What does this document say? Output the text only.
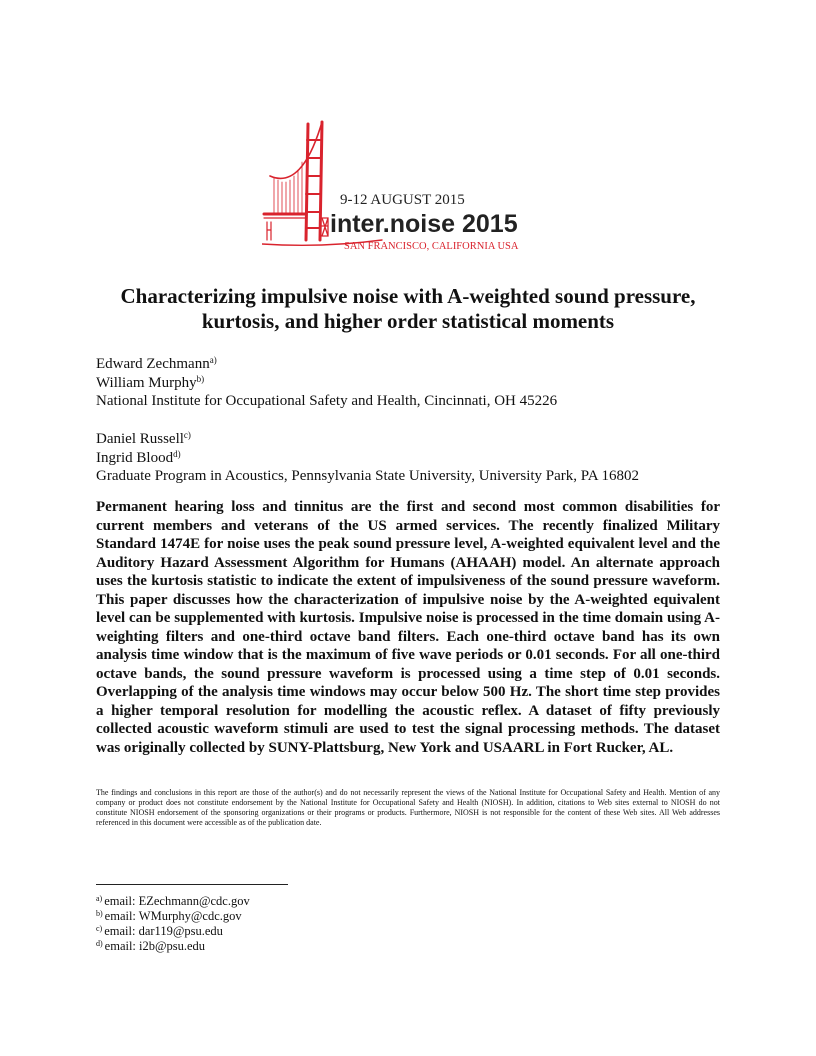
9-12 AUGUST 2015
inter.noise 2015
SAN FRANCISCO, CALIFORNIA USA
Characterizing impulsive noise with A-weighted sound pressure, kurtosis, and higher order statistical moments
Edward Zechmann$^{a)}$
William Murphy$^{b)}$
National Institute for Occupational Safety and Health, Cincinnati, OH 45226
Daniel Russell$^{c)}$
Ingrid Blood$^{d)}$
Graduate Program in Acoustics, Pennsylvania State University, University Park, PA 16802

Permanent hearing loss and tinnitus are the first and second most common disabilities for current members and veterans of the US armed services. The recently finalized Military Standard 1474E for noise uses the peak sound pressure level, A-weighted equivalent level and the Auditory Hazard Assessment Algorithm for Humans (AHAAH) model. An alternate approach uses the kurtosis statistic to indicate the extent of impulsiveness of the sound pressure waveform. This paper discusses how the characterization of impulsive noise by the A-weighted equivalent level can be supplemented with kurtosis. Impulsive noise is processed in the time domain using A-weighting filters and one-third octave band filters. Each one-third octave band has its own analysis time window that is the maximum of five wave periods or 0.01 seconds. For all one-third octave bands, the sound pressure waveform is processed using a time step of 0.01 seconds. Overlapping of the analysis time windows may occur below 500 Hz. The short time step provides a higher temporal resolution for modelling the acoustic reflex. A dataset of fifty previously collected acoustic waveform stimuli are used to test the signal processing methods. The dataset was originally collected by SUNY-Plattsburg, New York and USAARL in Fort Rucker, AL.

The findings and conclusions in this report are those of the author(s) and do not necessarily represent the views of the National Institute for Occupational Safety and Health. Mention of any company or product does not constitute endorsement by the National Institute for Occupational Safety and Health (NIOSH). In addition, citations to Web sites external to NIOSH do not constitute NIOSH endorsement of the sponsoring organizations or their programs or products. Furthermore, NIOSH is not responsible for the content of these Web sites. All Web addresses referenced in this document were accessible as of the publication date.

$^{a)}$ email: EZechmann@cdc.gov
$^{b)}$ email: WMurphy@cdc.gov
$^{c)}$ email: dar119@psu.edu
$^{d)}$ email: i2b@psu.edu
